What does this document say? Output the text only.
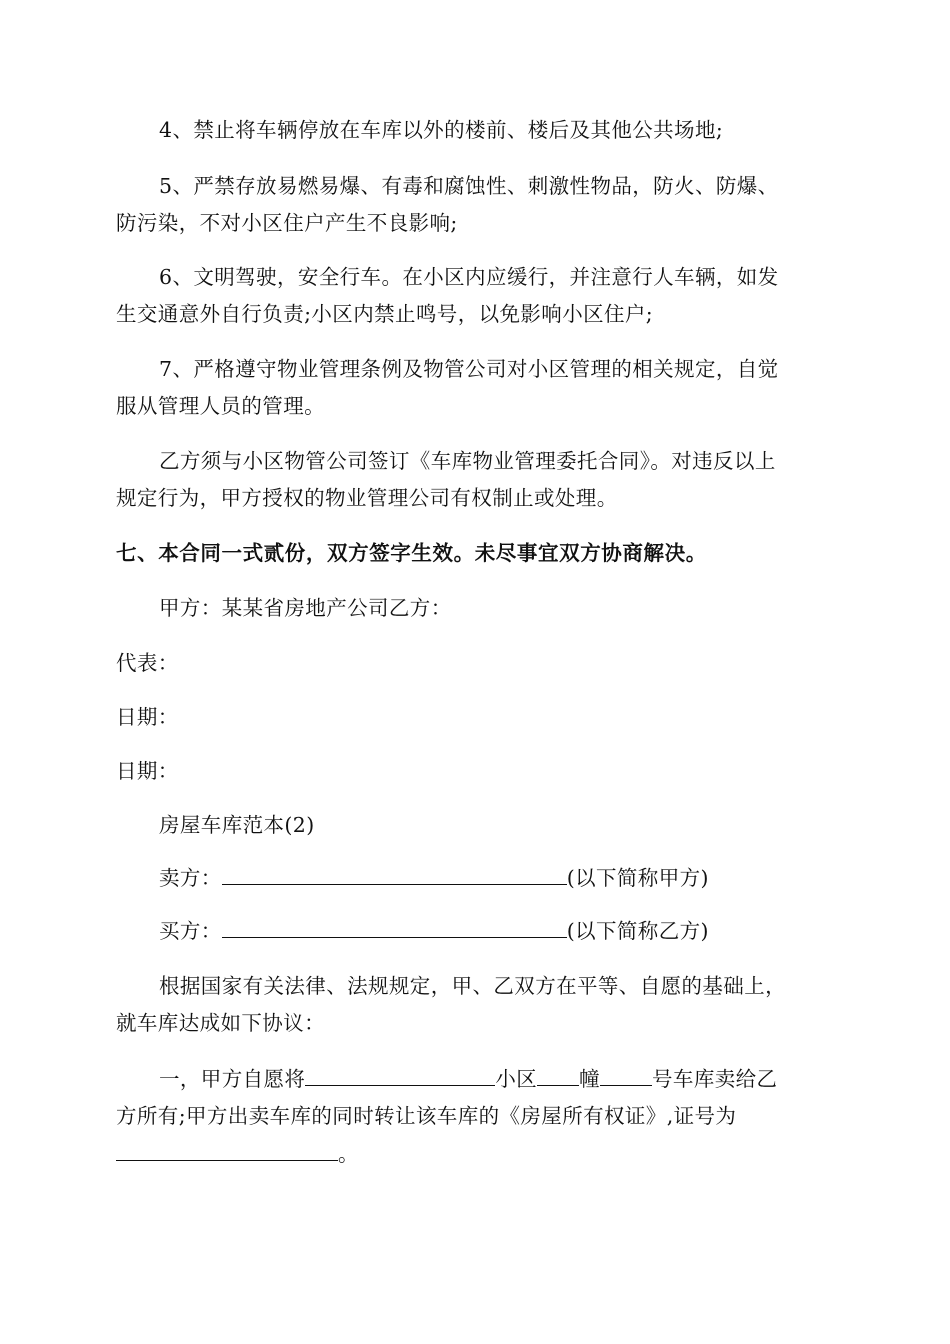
4、禁止将车辆停放在车库以外的楼前、楼后及其他公共场地;
5、严禁存放易燃易爆、有毒和腐蚀性、刺激性物品，防火、防爆、
防污染，不对小区住户产生不良影响;
6、文明驾驶，安全行车。在小区内应缓行，并注意行人车辆，如发
生交通意外自行负责;小区内禁止鸣号，以免影响小区住户;
7、严格遵守物业管理条例及物管公司对小区管理的相关规定，自觉
服从管理人员的管理。
乙方须与小区物管公司签订《车库物业管理委托合同》。对违反以上
规定行为，甲方授权的物业管理公司有权制止或处理。
七、本合同一式贰份，双方签字生效。未尽事宜双方协商解决。
甲方：某某省房地产公司乙方：
代表：
日期：
日期：
房屋车库范本(2)
卖方：	(以下简称甲方)
买方：	(以下简称乙方)
根据国家有关法律、法规规定，甲、乙双方在平等、自愿的基础上，
就车库达成如下协议：
一，甲方自愿将	小区 幢	号车库卖给乙
方所有;甲方出卖车库的同时转让该车库的《房屋所有权证》,证号为
。
